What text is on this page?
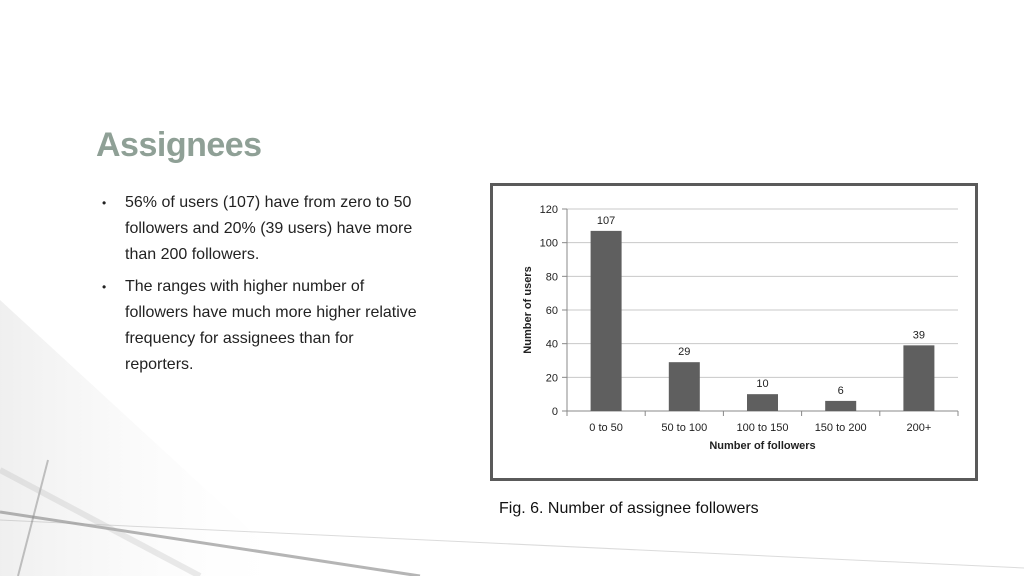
Assignees
• 56% of users (107) have from zero to 50 followers and 20% (39 users) have more than 200 followers.
• The ranges with higher number of followers have much more higher relative frequency for assignees than for reporters.
0
20
40
60
80
100
120
107
0 to 50
29
50 to 100
10
100 to 150
6
150 to 200
39
200+
Number of followers
Number of users

Fig. 6. Number of assignee followers
